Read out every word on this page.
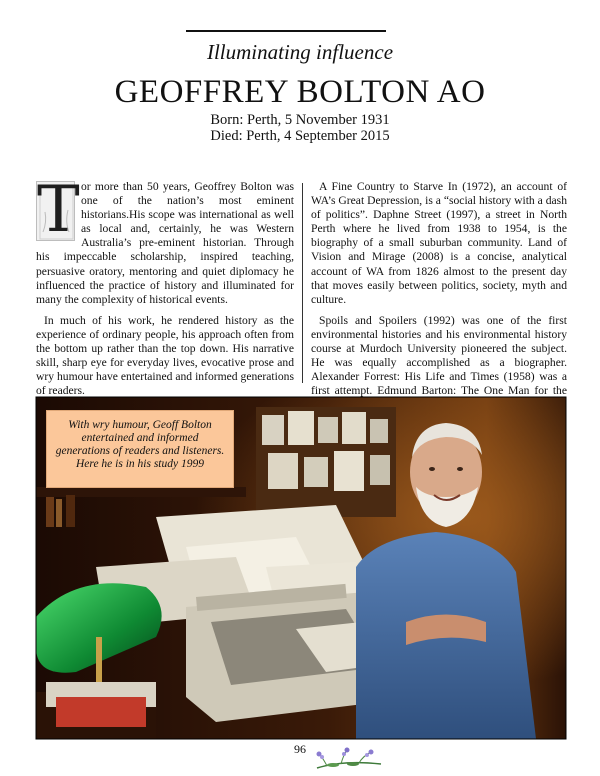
Illuminating influence
GEOFFREY BOLTON AO
Born: Perth, 5 November 1931
Died: Perth, 4 September 2015
T or more than 50 years, Geoffrey Bolton was one of the nation’s most eminent historians.His scope was international as well as local and, certainly, he was Western Australia’s pre-eminent historian. Through his impeccable scholarship, inspired teaching, persuasive oratory, mentoring and quiet diplomacy he influenced the practice of history and illuminated for many the complexity of historical events.

In much of his work, he rendered history as the experience of ordinary people, his approach often from the bottom up rather than the top down. His narrative skill, sharp eye for everyday lives, evocative prose and wry humour have entertained and informed generations of readers.

A Fine Country to Starve In (1972), an account of WA’s Great Depression, is a “social history with a dash of politics”. Daphne Street (1997), a street in North Perth where he lived from 1938 to 1954, is the biography of a small suburban community. Land of Vision and Mirage (2008) is a concise, analytical account of WA from 1826 almost to the present day that moves easily between politics, society, myth and culture.

Spoils and Spoilers (1992) was one of the first environmental histories and his environmental history course at Murdoch University pioneered the subject. He was equally accomplished as a biographer. Alexander Forrest: His Life and Times (1958) was a first attempt. Edmund Barton: The One Man for the

With wry humour, Geoff Bolton entertained and informed generations of readers and listeners. Here he is in his study 1999
96
